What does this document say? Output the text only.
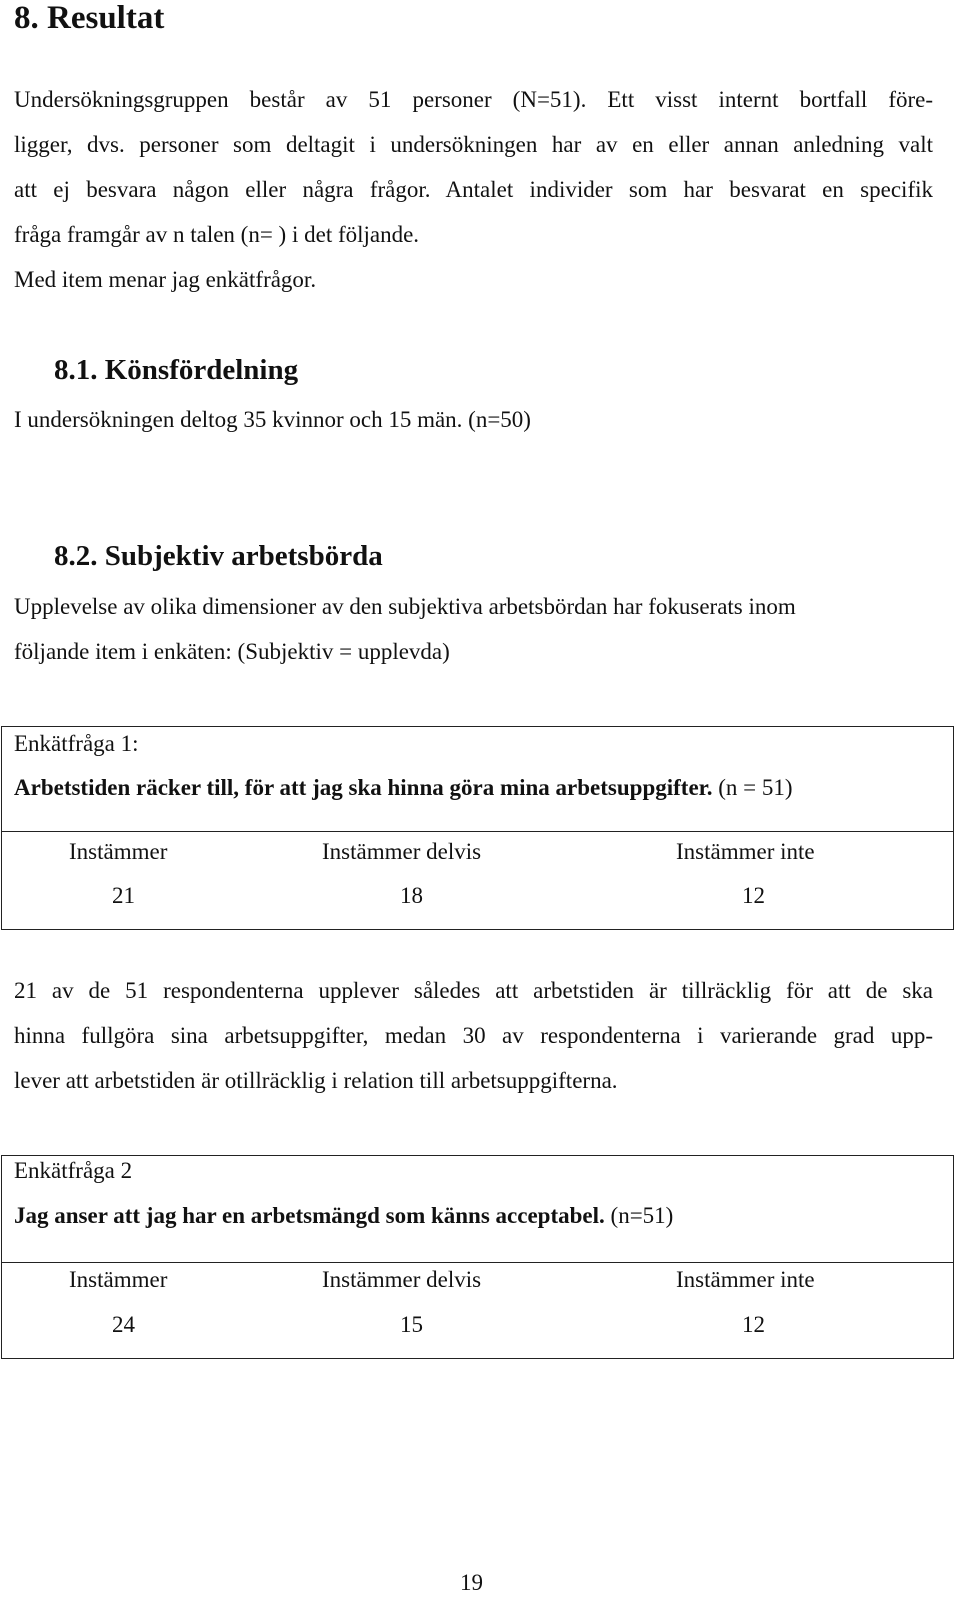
8. Resultat
Undersökningsgruppen består av 51 personer (N=51). Ett visst internt bortfall före-
ligger, dvs. personer som deltagit i undersökningen har av en eller annan anledning valt
att ej besvara någon eller några frågor. Antalet individer som har besvarat en specifik
fråga framgår av n talen (n= ) i det följande.
Med item menar jag enkätfrågor.
8.1. Könsfördelning
I undersökningen deltog 35 kvinnor och 15 män. (n=50)
8.2. Subjektiv arbetsbörda
Upplevelse av olika dimensioner av den subjektiva arbetsbördan har fokuserats inom
följande item i enkäten: (Subjektiv = upplevda)
Enkätfråga 1:
Arbetstiden räcker till, för att jag ska hinna göra mina arbetsuppgifter. (n = 51)
Instämmer	Instämmer delvis	Instämmer inte
21	18	12
21 av de 51 respondenterna upplever således att arbetstiden är tillräcklig för att de ska
hinna fullgöra sina arbetsuppgifter, medan 30 av respondenterna i varierande grad upp-
lever att arbetstiden är otillräcklig i relation till arbetsuppgifterna.
Enkätfråga 2
Jag anser att jag har en arbetsmängd som känns acceptabel. (n=51)
Instämmer	Instämmer delvis	Instämmer inte
24	15	12
19
